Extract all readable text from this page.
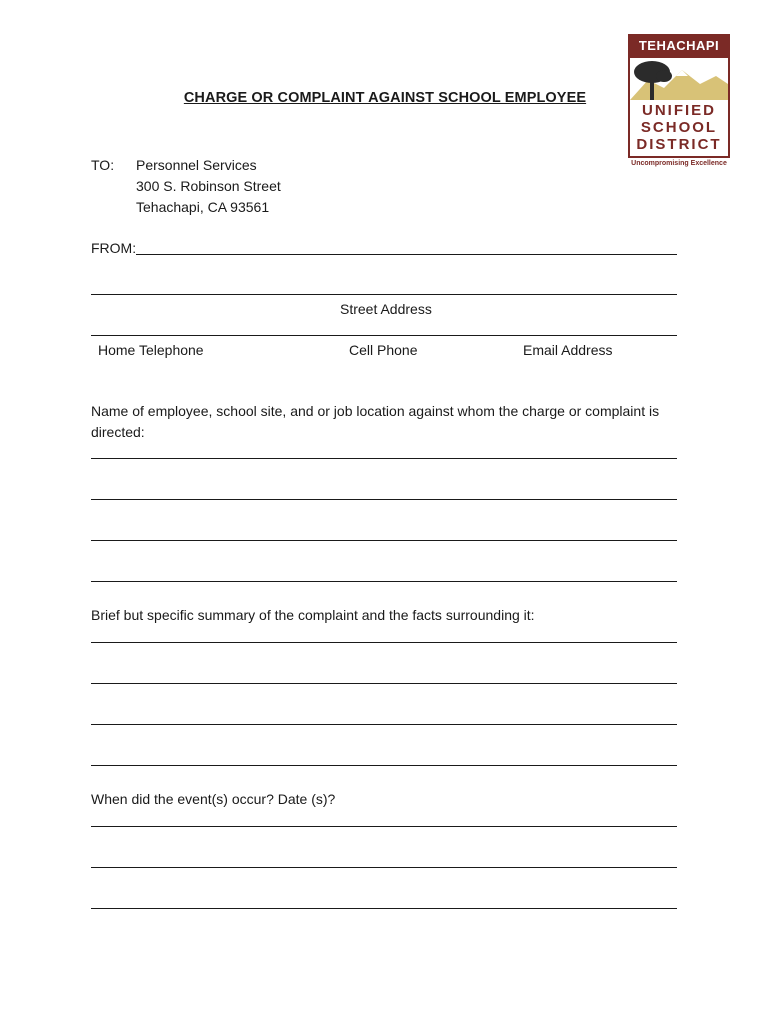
TEHACHAPI
UNIFIED
SCHOOL
DISTRICT
Uncompromising Excellence
CHARGE OR COMPLAINT AGAINST SCHOOL EMPLOYEE
TO: Personnel Services
300 S. Robinson Street
Tehachapi, CA 93561
FROM:
Street Address
Home Telephone	Cell Phone	Email Address
Name of employee, school site, and or job location against whom the charge or complaint is
directed:
Brief but specific summary of the complaint and the facts surrounding it:
When did the event(s) occur? Date (s)?
